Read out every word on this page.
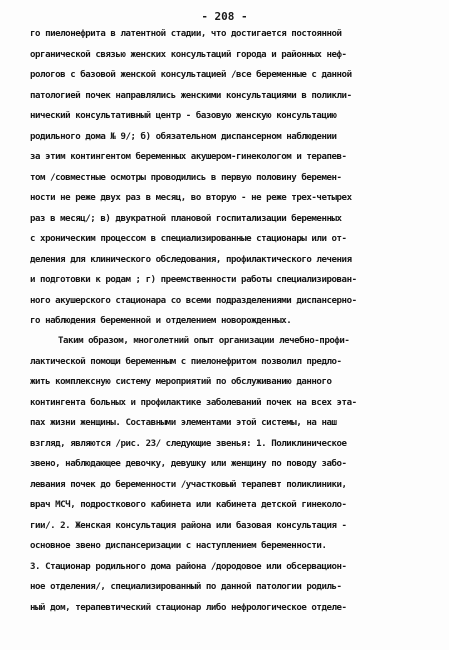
- 208 -
го пиелонефрита в латентной стадии, что достигается постоянной
органической связью женских консультаций города и районных неф-
рологов с базовой женской консультацией /все беременные с данной
патологией почек направлялись женскими консультациями в поликли-
нический консультативный центр - базовую женскую консультацию
родильного дома № 9/; б) обязательном диспансерном наблюдении
за этим контингентом беременных акушером-гинекологом и терапев-
том /совместные осмотры проводились в первую половину беремен-
ности не реже двух раз в месяц, во вторую - не реже трех-четырех
раз в месяц/; в) двукратной плановой госпитализации беременных
с хроническим процессом в специализированные стационары или от-
деления для клинического обследования, профилактического лечения
и подготовки к родам ; г) преемственности работы специализирован-
ного акушерского стационара со всеми подразделениями диспансерно-
го наблюдения беременной и отделением новорожденных.
Таким образом, многолетний опыт организации лечебно-профи-
лактической помощи беременным с пиелонефритом позволил предло-
жить комплексную систему мероприятий по обслуживанию данного
контингента больных и профилактике заболеваний почек на всех эта-
пах жизни женщины. Составными элементами этой системы, на наш
взгляд, являются /рис. 23/ следующие звенья: 1. Поликлиническое
звено, наблюдающее девочку, девушку или женщину по поводу забо-
левания почек до беременности /участковый терапевт поликлиники,
врач МСЧ, подросткового кабинета или кабинета детской гинеколо-
гии/. 2. Женская консультация района или базовая консультация -
основное звено диспансеризации с наступлением беременности.
3. Стационар родильного дома района /дородовое или обсервацион-
ное отделения/, специализированный по данной патологии родиль-
ный дом, терапевтический стационар либо нефрологическое отделе-
